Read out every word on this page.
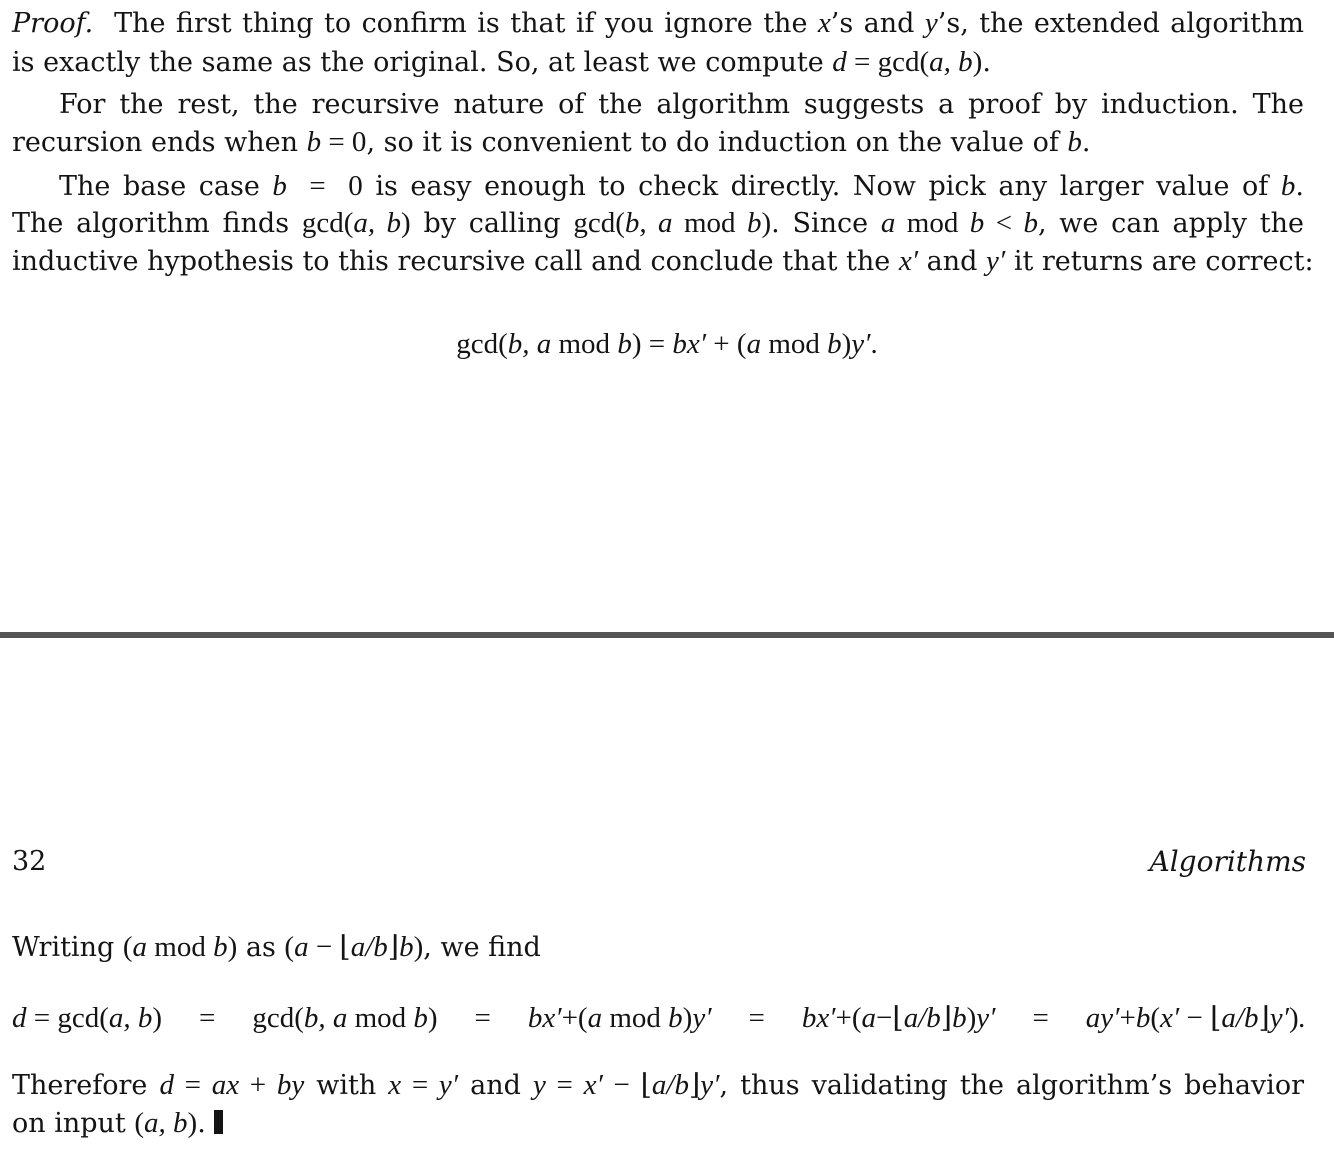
Proof. The first thing to confirm is that if you ignore the x’s and y’s, the extended algorithm
is exactly the same as the original. So, at least we compute d = gcd(a, b).
For the rest, the recursive nature of the algorithm suggests a proof by induction. The
recursion ends when b = 0, so it is convenient to do induction on the value of b.
The base case b  =  0 is easy enough to check directly. Now pick any larger value of b.
The algorithm finds gcd(a, b) by calling gcd(b, a mod b). Since a mod b < b, we can apply the
inductive hypothesis to this recursive call and conclude that the x′ and y′ it returns are correct:
gcd(b, a mod b) = bx′ + (a mod b)y′.
32	Algorithms
Writing (a mod b) as (a − ⌊a/b⌋b), we find
d = gcd(a, b) = gcd(b, a mod b) = bx′+(a mod b)y′ = bx′+(a−⌊a/b⌋b)y′ = ay′+b(x′ − ⌊a/b⌋y′).
Therefore d = ax + by with x = y′ and y = x′ − ⌊a/b⌋y′, thus validating the algorithm’s behavior
on input (a, b).
